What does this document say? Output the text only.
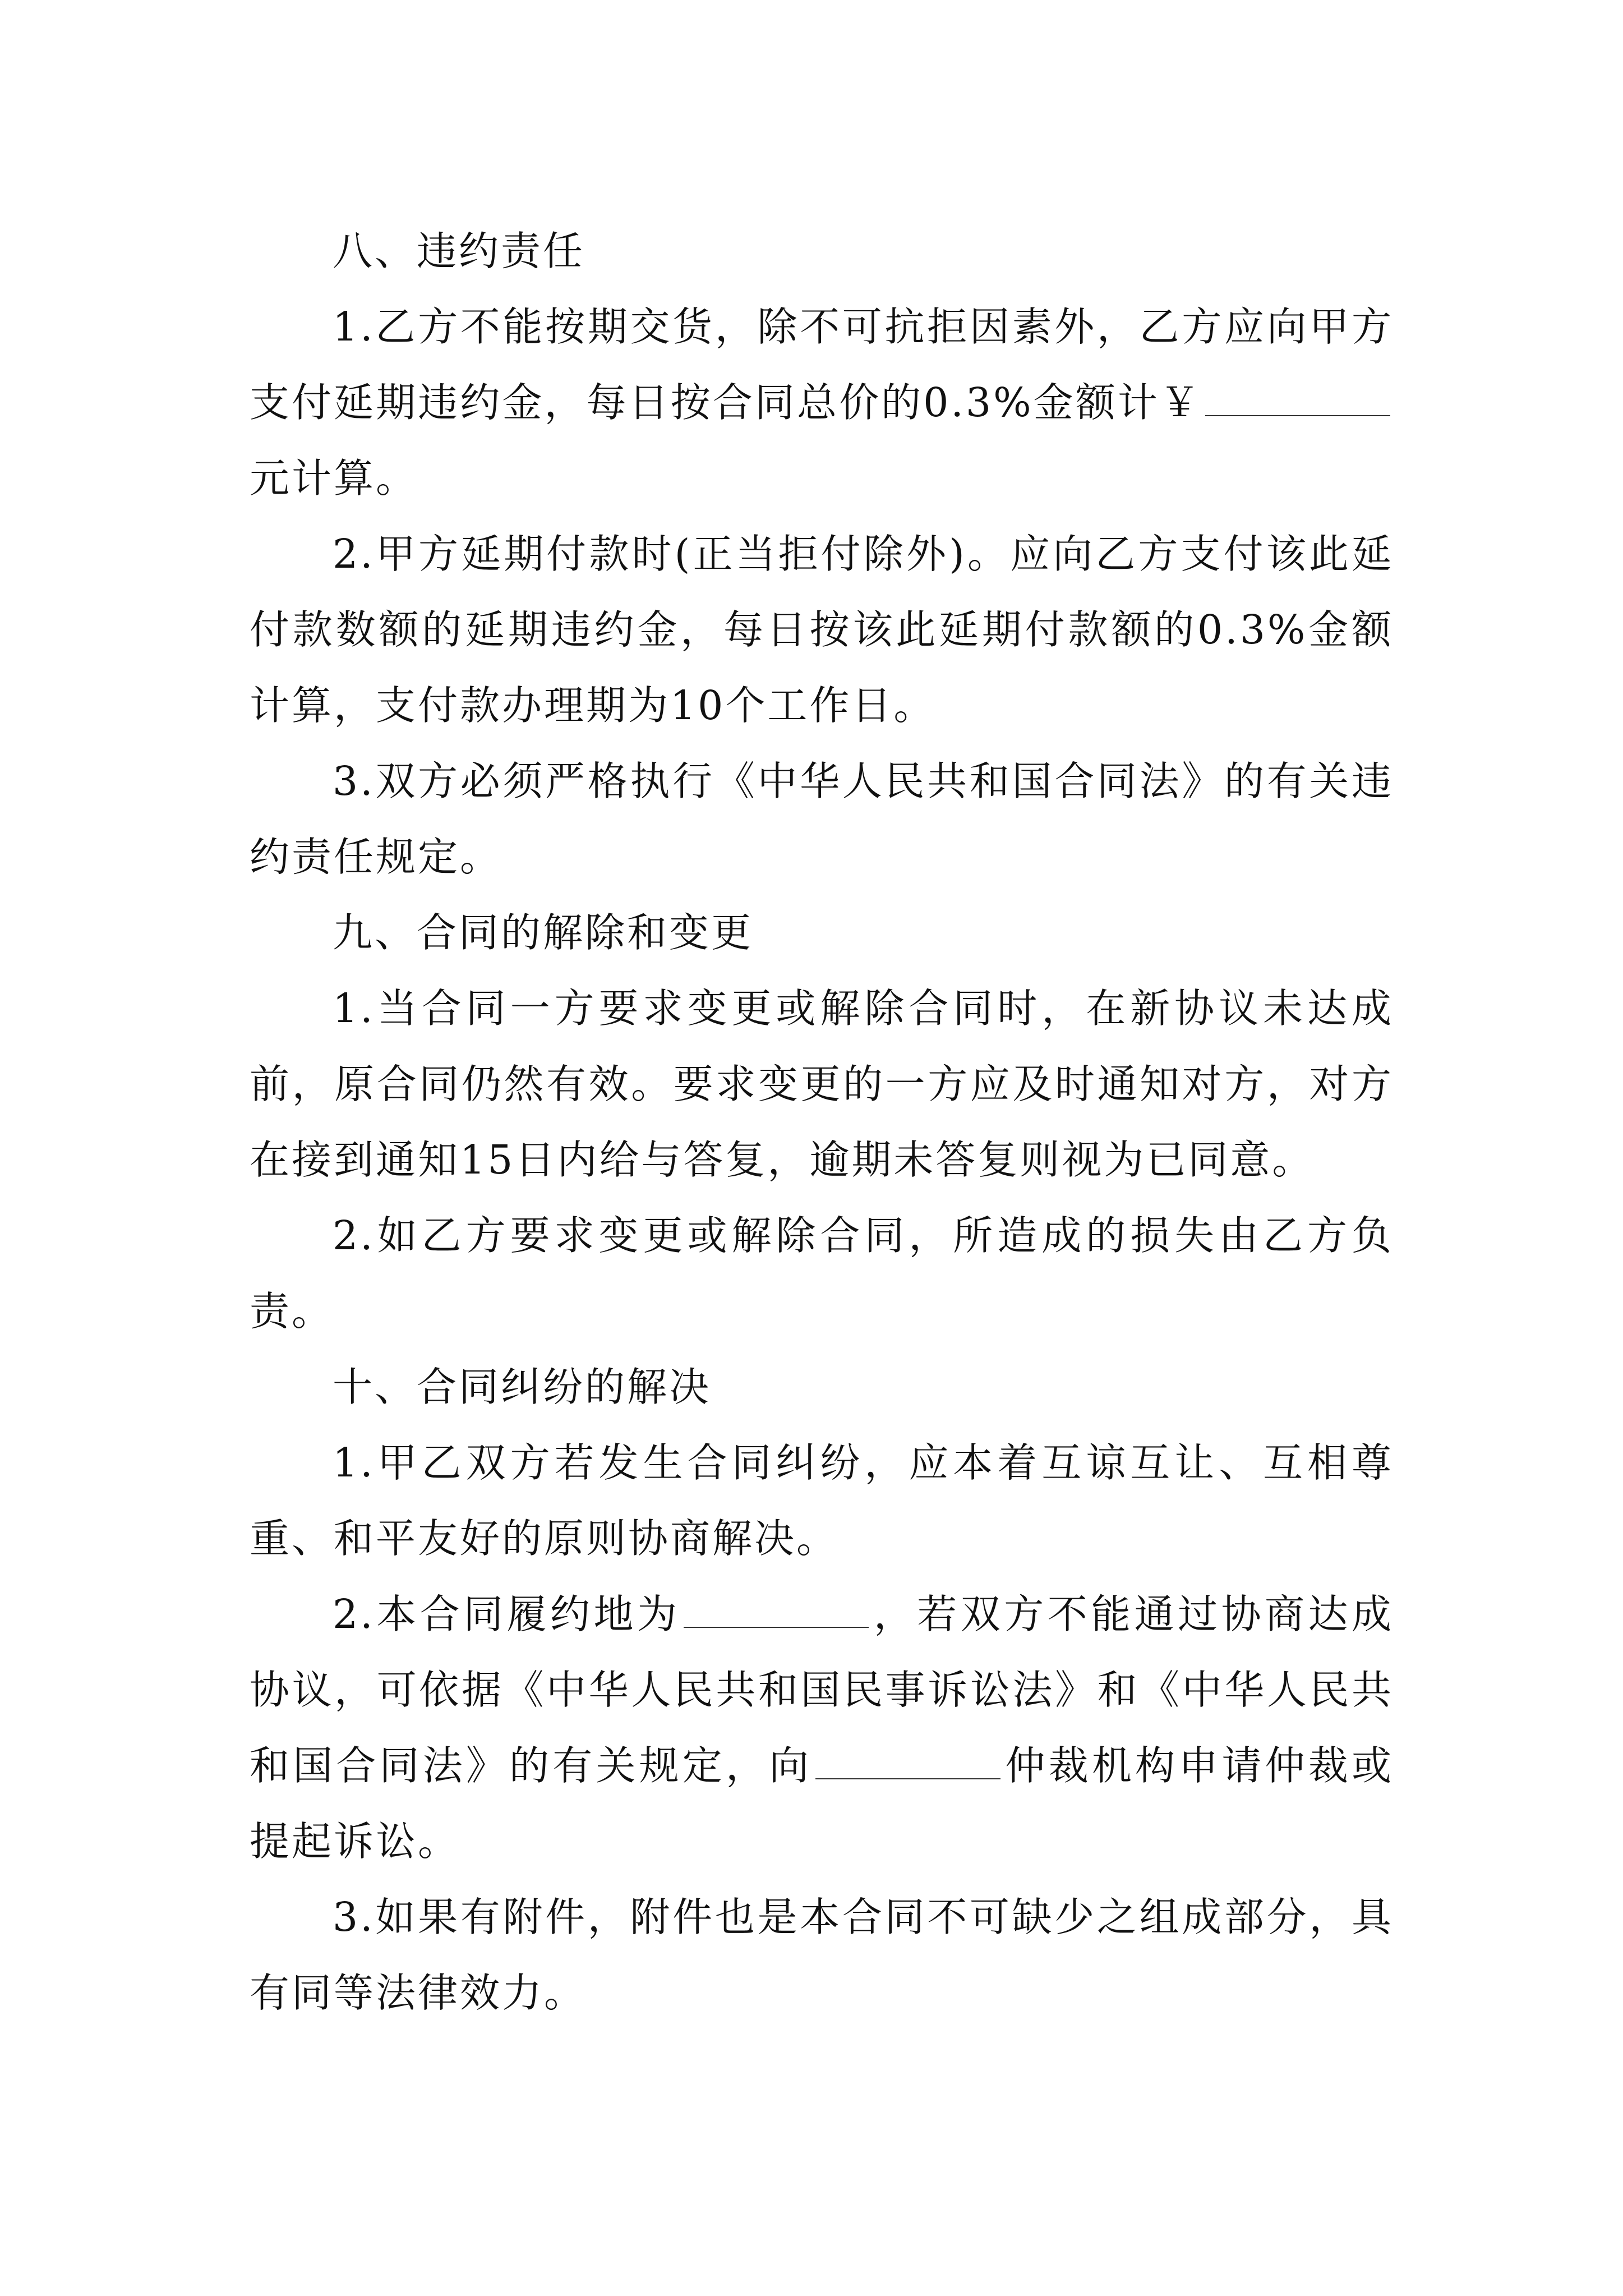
八、违约责任

1.乙方不能按期交货，除不可抗拒因素外，乙方应向甲方支付延期违约金，每日按合同总价的0.3%金额计￥元计算。

2.甲方延期付款时(正当拒付除外)。应向乙方支付该此延付款数额的延期违约金，每日按该此延期付款额的0.3%金额计算，支付款办理期为10个工作日。

3.双方必须严格执行《中华人民共和国合同法》的有关违约责任规定。

九、合同的解除和变更

1.当合同一方要求变更或解除合同时，在新协议未达成前，原合同仍然有效。要求变更的一方应及时通知对方，对方在接到通知15日内给与答复，逾期未答复则视为已同意。

2.如乙方要求变更或解除合同，所造成的损失由乙方负责。

十、合同纠纷的解决

1.甲乙双方若发生合同纠纷，应本着互谅互让、互相尊重、和平友好的原则协商解决。

2.本合同履约地为	，若双方不能通过协商达成协议，可依据《中华人民共和国民事诉讼法》和《中华人民共和国合同法》的有关规定，向	仲裁机构申请仲裁或提起诉讼。

3.如果有附件，附件也是本合同不可缺少之组成部分，具有同等法律效力。
